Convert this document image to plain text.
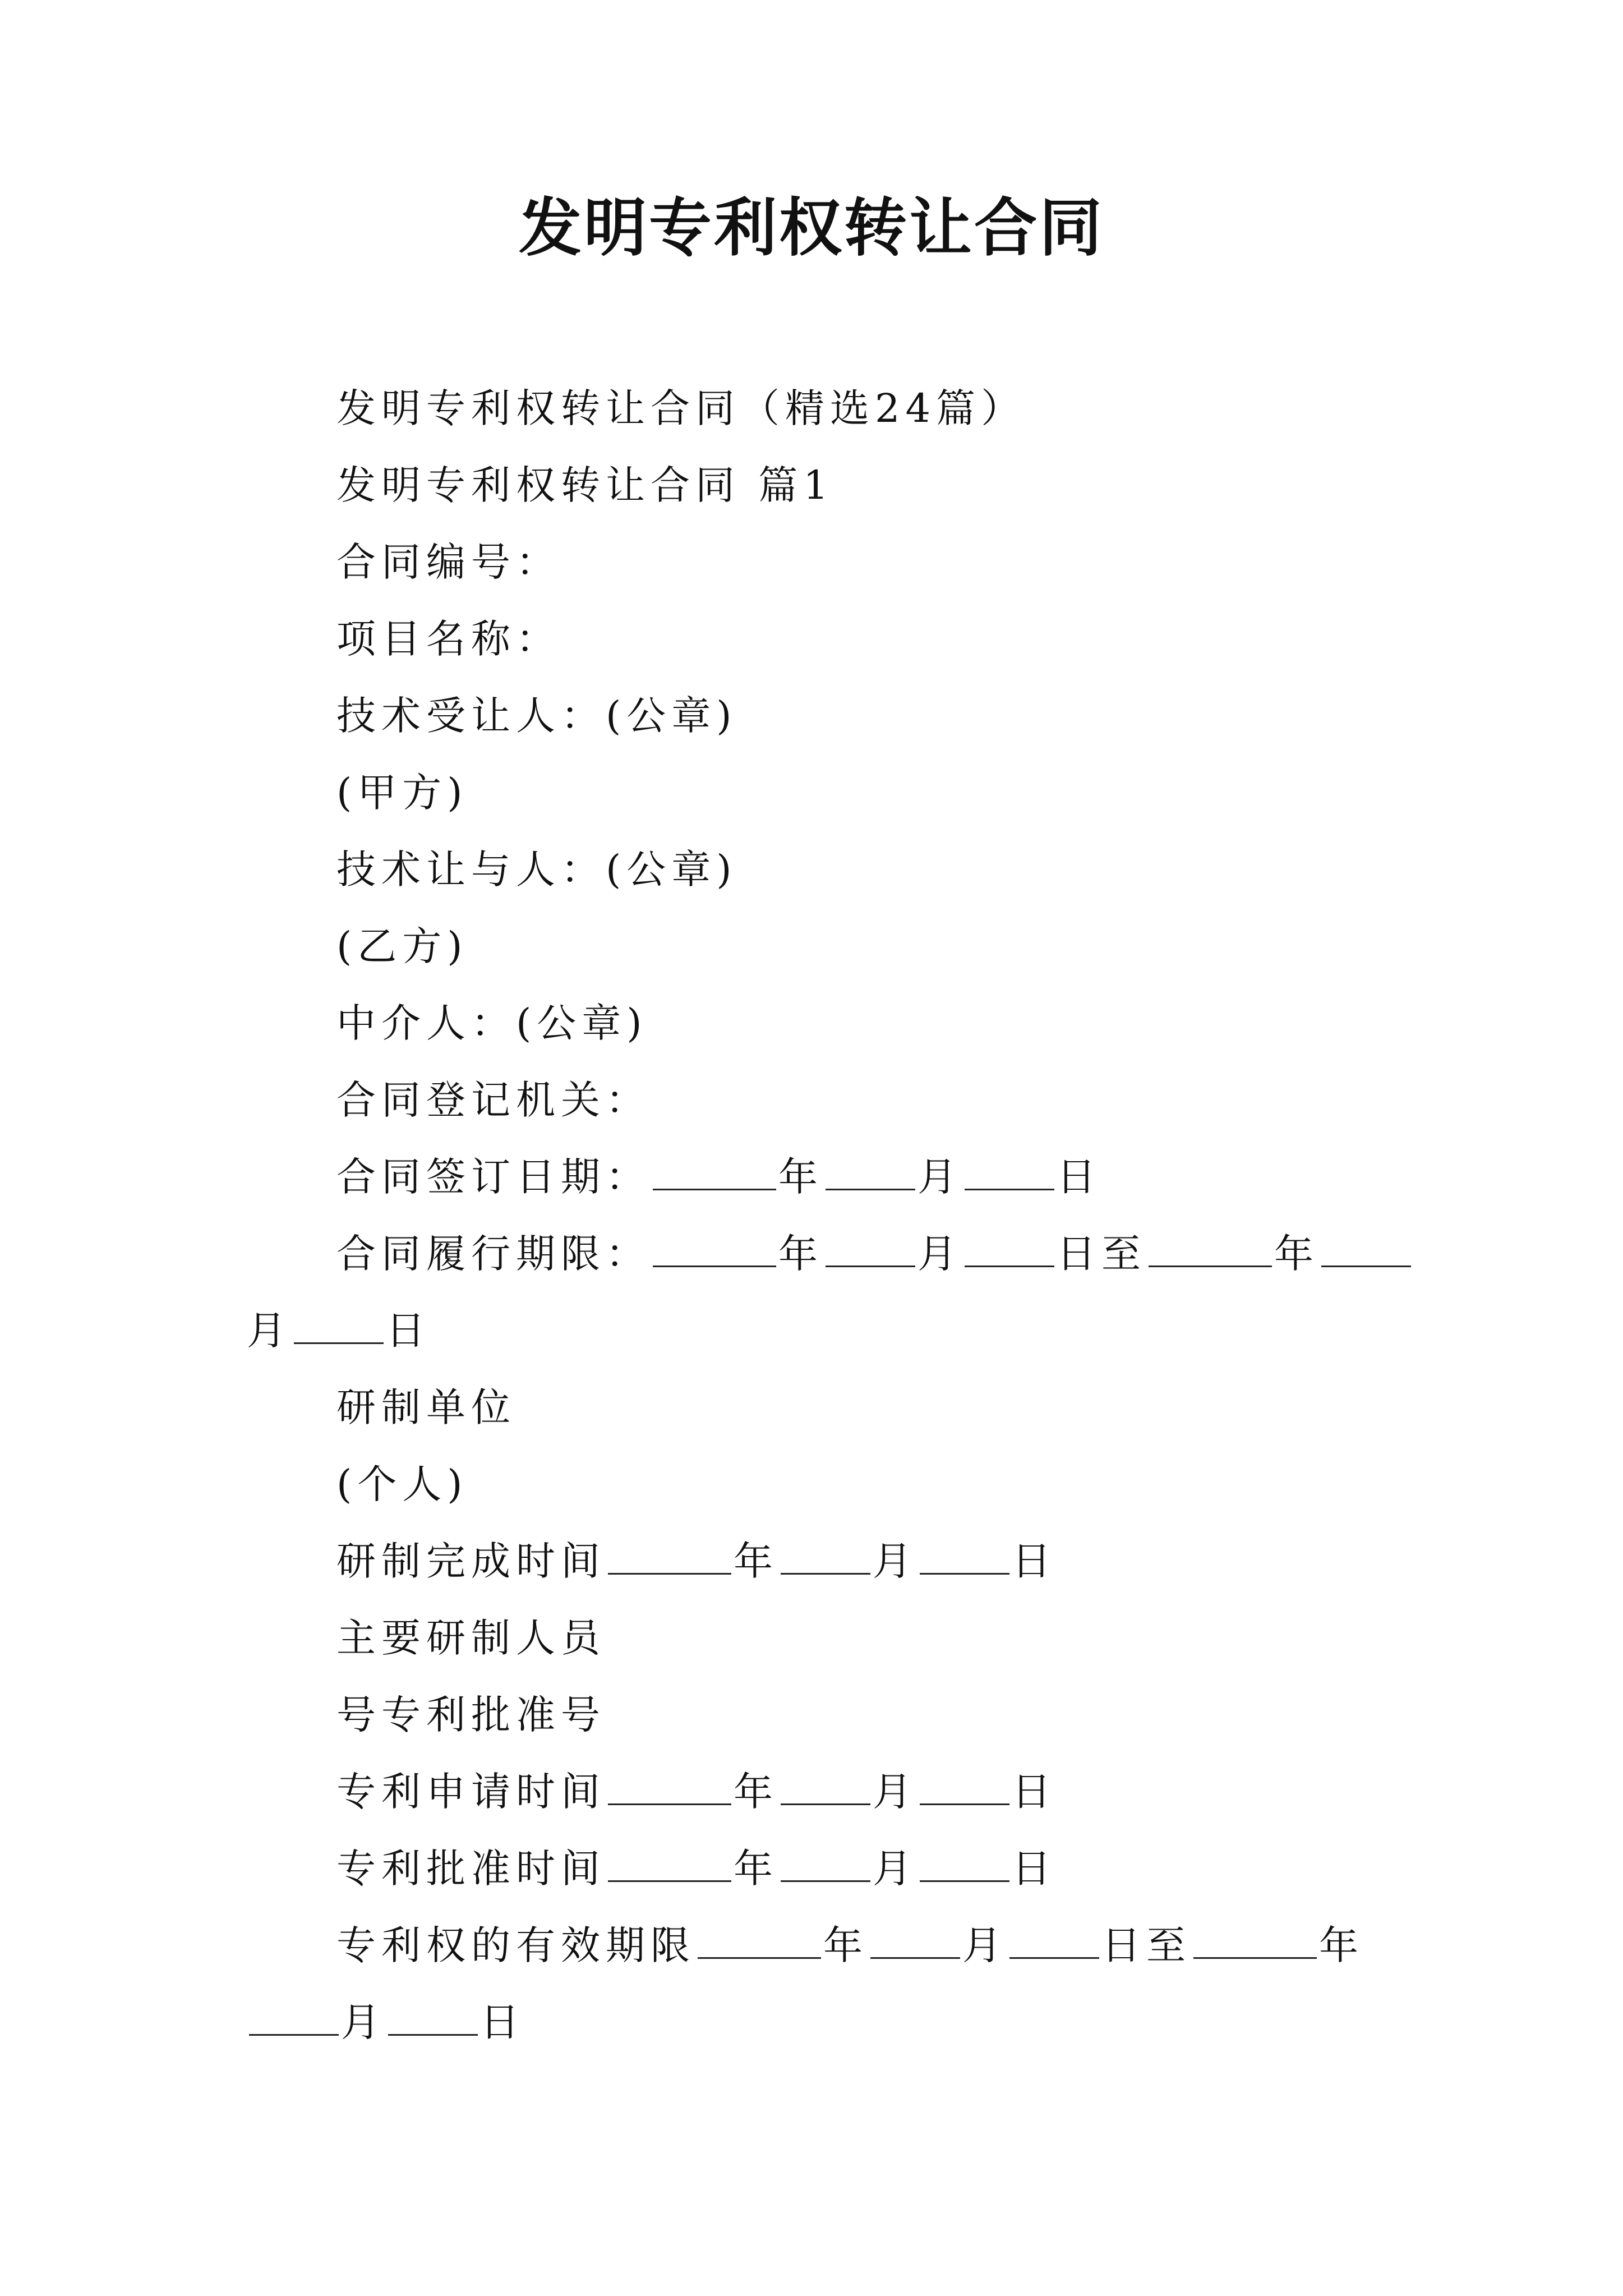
发明专利权转让合同
发明专利权转让合同（精选24篇）
发明专利权转让合同 篇1
合同编号：
项目名称：
技术受让人：(公章)
(甲方)
技术让与人：(公章)
(乙方)
中介人：(公章)
合同登记机关：
合同签订日期：	年 月 日
合同履行期限：	年 月 日至	年
月 日
研制单位
(个人)
研制完成时间	年 月 日
主要研制人员
号专利批准号
专利申请时间	年 月 日
专利批准时间	年 月 日
专利权的有效期限	年 月 日至	年
月 日
